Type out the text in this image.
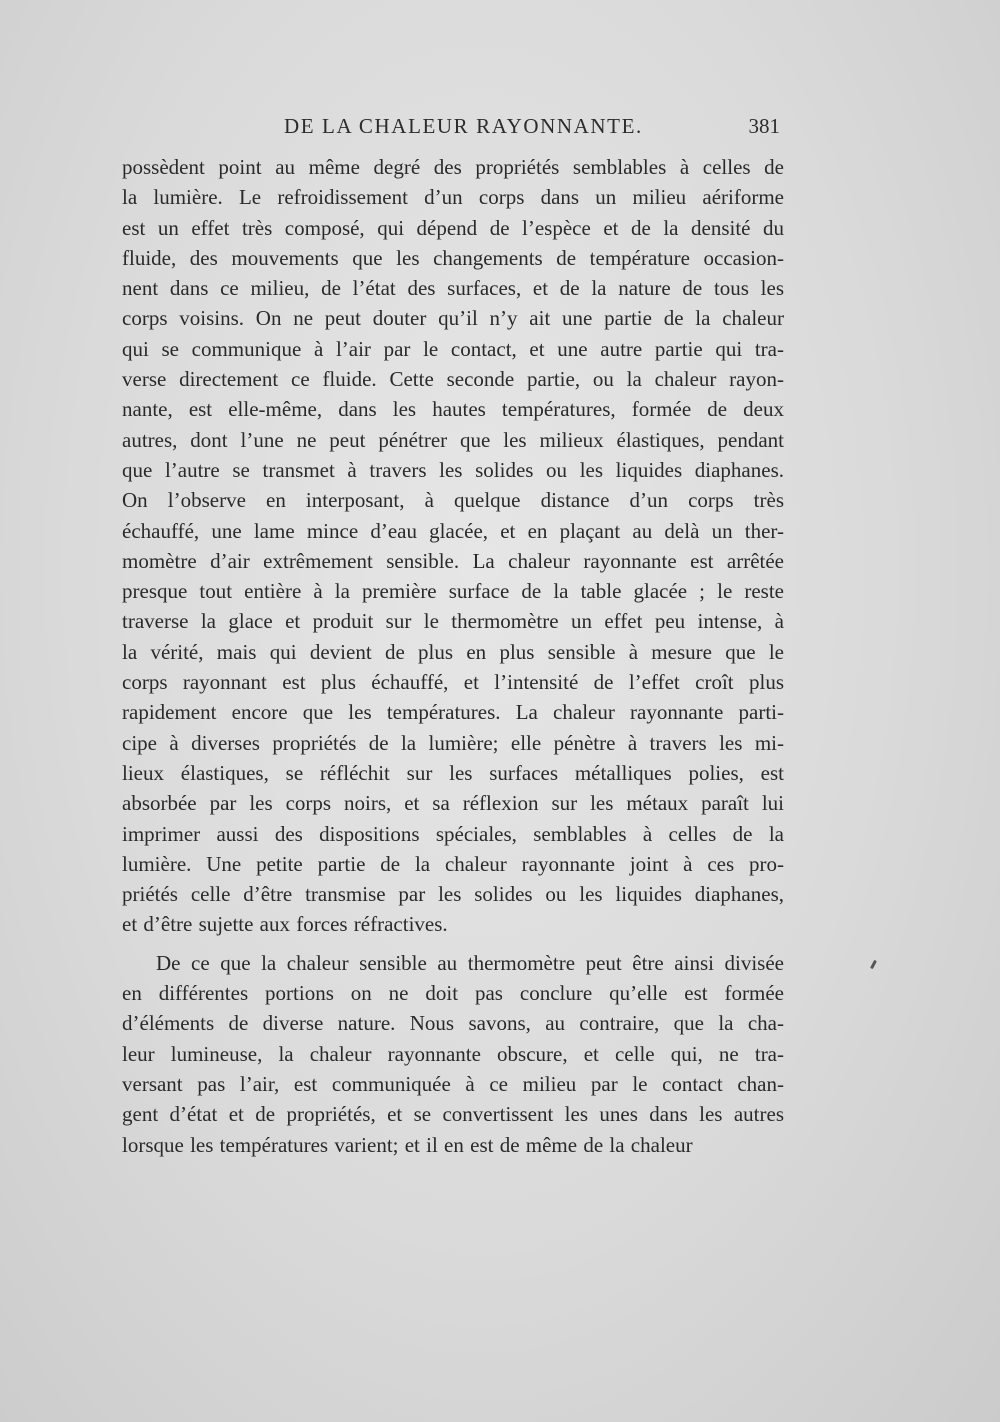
DE LA CHALEUR RAYONNANTE.	381
possèdent point au même degré des propriétés semblables à celles de
la lumière. Le refroidissement d’un corps dans un milieu aériforme
est un effet très composé, qui dépend de l’espèce et de la densité du
fluide, des mouvements que les changements de température occasion-
nent dans ce milieu, de l’état des surfaces, et de la nature de tous les
corps voisins. On ne peut douter qu’il n’y ait une partie de la chaleur
qui se communique à l’air par le contact, et une autre partie qui tra-
verse directement ce fluide. Cette seconde partie, ou la chaleur rayon-
nante, est elle-même, dans les hautes températures, formée de deux
autres, dont l’une ne peut pénétrer que les milieux élastiques, pendant
que l’autre se transmet à travers les solides ou les liquides diaphanes.
On l’observe en interposant, à quelque distance d’un corps très
échauffé, une lame mince d’eau glacée, et en plaçant au delà un ther-
momètre d’air extrêmement sensible. La chaleur rayonnante est arrêtée
presque tout entière à la première surface de la table glacée ; le reste
traverse la glace et produit sur le thermomètre un effet peu intense, à
la vérité, mais qui devient de plus en plus sensible à mesure que le
corps rayonnant est plus échauffé, et l’intensité de l’effet croît plus
rapidement encore que les températures. La chaleur rayonnante parti-
cipe à diverses propriétés de la lumière; elle pénètre à travers les mi-
lieux élastiques, se réfléchit sur les surfaces métalliques polies, est
absorbée par les corps noirs, et sa réflexion sur les métaux paraît lui
imprimer aussi des dispositions spéciales, semblables à celles de la
lumière. Une petite partie de la chaleur rayonnante joint à ces pro-
priétés celle d’être transmise par les solides ou les liquides diaphanes,
et d’être sujette aux forces réfractives.
De ce que la chaleur sensible au thermomètre peut être ainsi divisée
en différentes portions on ne doit pas conclure qu’elle est formée
d’éléments de diverse nature. Nous savons, au contraire, que la cha-
leur lumineuse, la chaleur rayonnante obscure, et celle qui, ne tra-
versant pas l’air, est communiquée à ce milieu par le contact chan-
gent d’état et de propriétés, et se convertissent les unes dans les autres
lorsque les températures varient; et il en est de même de la chaleur
